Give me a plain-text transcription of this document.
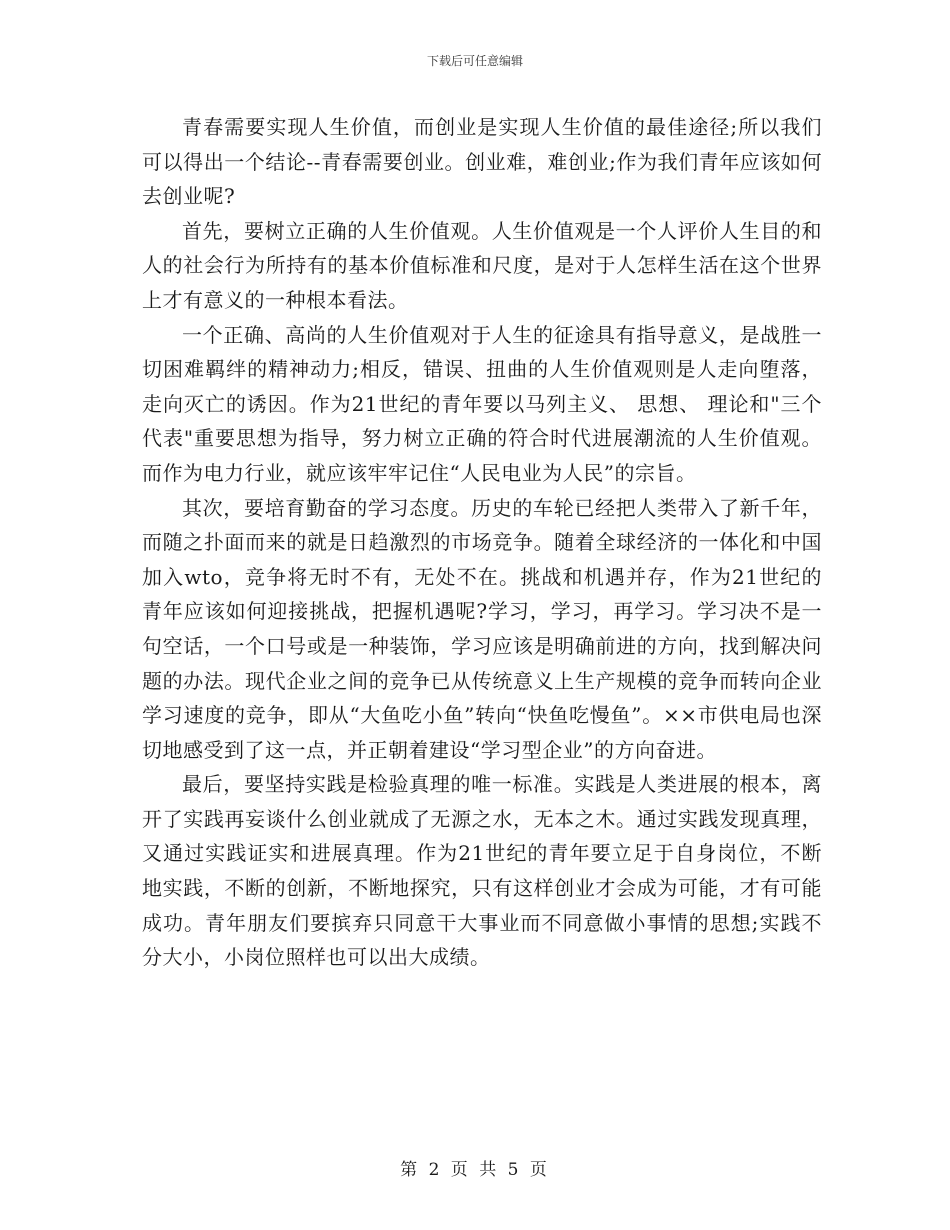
下载后可任意编辑

青春需要实现人生价值，而创业是实现人生价值的最佳途径;所以我们可以得出一个结论--青春需要创业。创业难，难创业;作为我们青年应该如何去创业呢?

首先，要树立正确的人生价值观。人生价值观是一个人评价人生目的和人的社会行为所持有的基本价值标准和尺度，是对于人怎样生活在这个世界上才有意义的一种根本看法。

一个正确、高尚的人生价值观对于人生的征途具有指导意义，是战胜一切困难羁绊的精神动力;相反，错误、扭曲的人生价值观则是人走向堕落，走向灭亡的诱因。作为21世纪的青年要以马列主义、 思想、 理论和"三个代表"重要思想为指导，努力树立正确的符合时代进展潮流的人生价值观。而作为电力行业，就应该牢牢记住“人民电业为人民”的宗旨。

其次，要培育勤奋的学习态度。历史的车轮已经把人类带入了新千年，而随之扑面而来的就是日趋激烈的市场竞争。随着全球经济的一体化和中国加入wto，竞争将无时不有，无处不在。挑战和机遇并存，作为21世纪的青年应该如何迎接挑战，把握机遇呢?学习，学习，再学习。学习决不是一句空话，一个口号或是一种装饰，学习应该是明确前进的方向，找到解决问题的办法。现代企业之间的竞争已从传统意义上生产规模的竞争而转向企业学习速度的竞争，即从“大鱼吃小鱼”转向“快鱼吃慢鱼”。××市供电局也深切地感受到了这一点，并正朝着建设“学习型企业”的方向奋进。

最后，要坚持实践是检验真理的唯一标准。实践是人类进展的根本，离开了实践再妄谈什么创业就成了无源之水，无本之木。通过实践发现真理，又通过实践证实和进展真理。作为21世纪的青年要立足于自身岗位，不断地实践，不断的创新，不断地探究，只有这样创业才会成为可能，才有可能成功。青年朋友们要摈弃只同意干大事业而不同意做小事情的思想;实践不分大小，小岗位照样也可以出大成绩。

第 2 页 共 5 页
